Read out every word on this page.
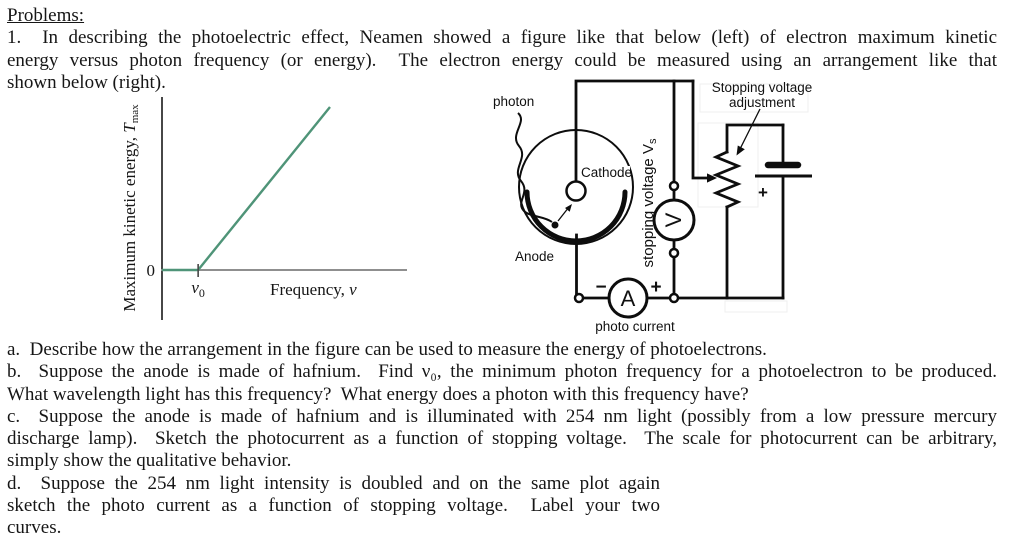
Problems:
1.  In describing the photoelectric effect, Neamen showed a figure like that below (left) of electron maximum kinetic
energy versus photon frequency (or energy).  The electron energy could be measured using an arrangement like that
shown below (right).
0
$\nu_0$	Frequency, ν
Maximum kinetic energy, Tmax
V
A
− +
+
photon
Cathode
Anode	stopping voltage $V_s$
Stopping voltage
adjustment
photo current
a.  Describe how the arrangement in the figure can be used to measure the energy of photoelectrons.
b.  Suppose the anode is made of hafnium.  Find ν₀, the minimum photon frequency for a photoelectron to be produced.
What wavelength light has this frequency?  What energy does a photon with this frequency have?
c.  Suppose the anode is made of hafnium and is illuminated with 254 nm light (possibly from a low pressure mercury
discharge lamp).  Sketch the photocurrent as a function of stopping voltage.  The scale for photocurrent can be arbitrary,
simply show the qualitative behavior.
d.  Suppose the 254 nm light intensity is doubled and on the same plot again
sketch the photo current as a function of stopping voltage.  Label your two
curves.
